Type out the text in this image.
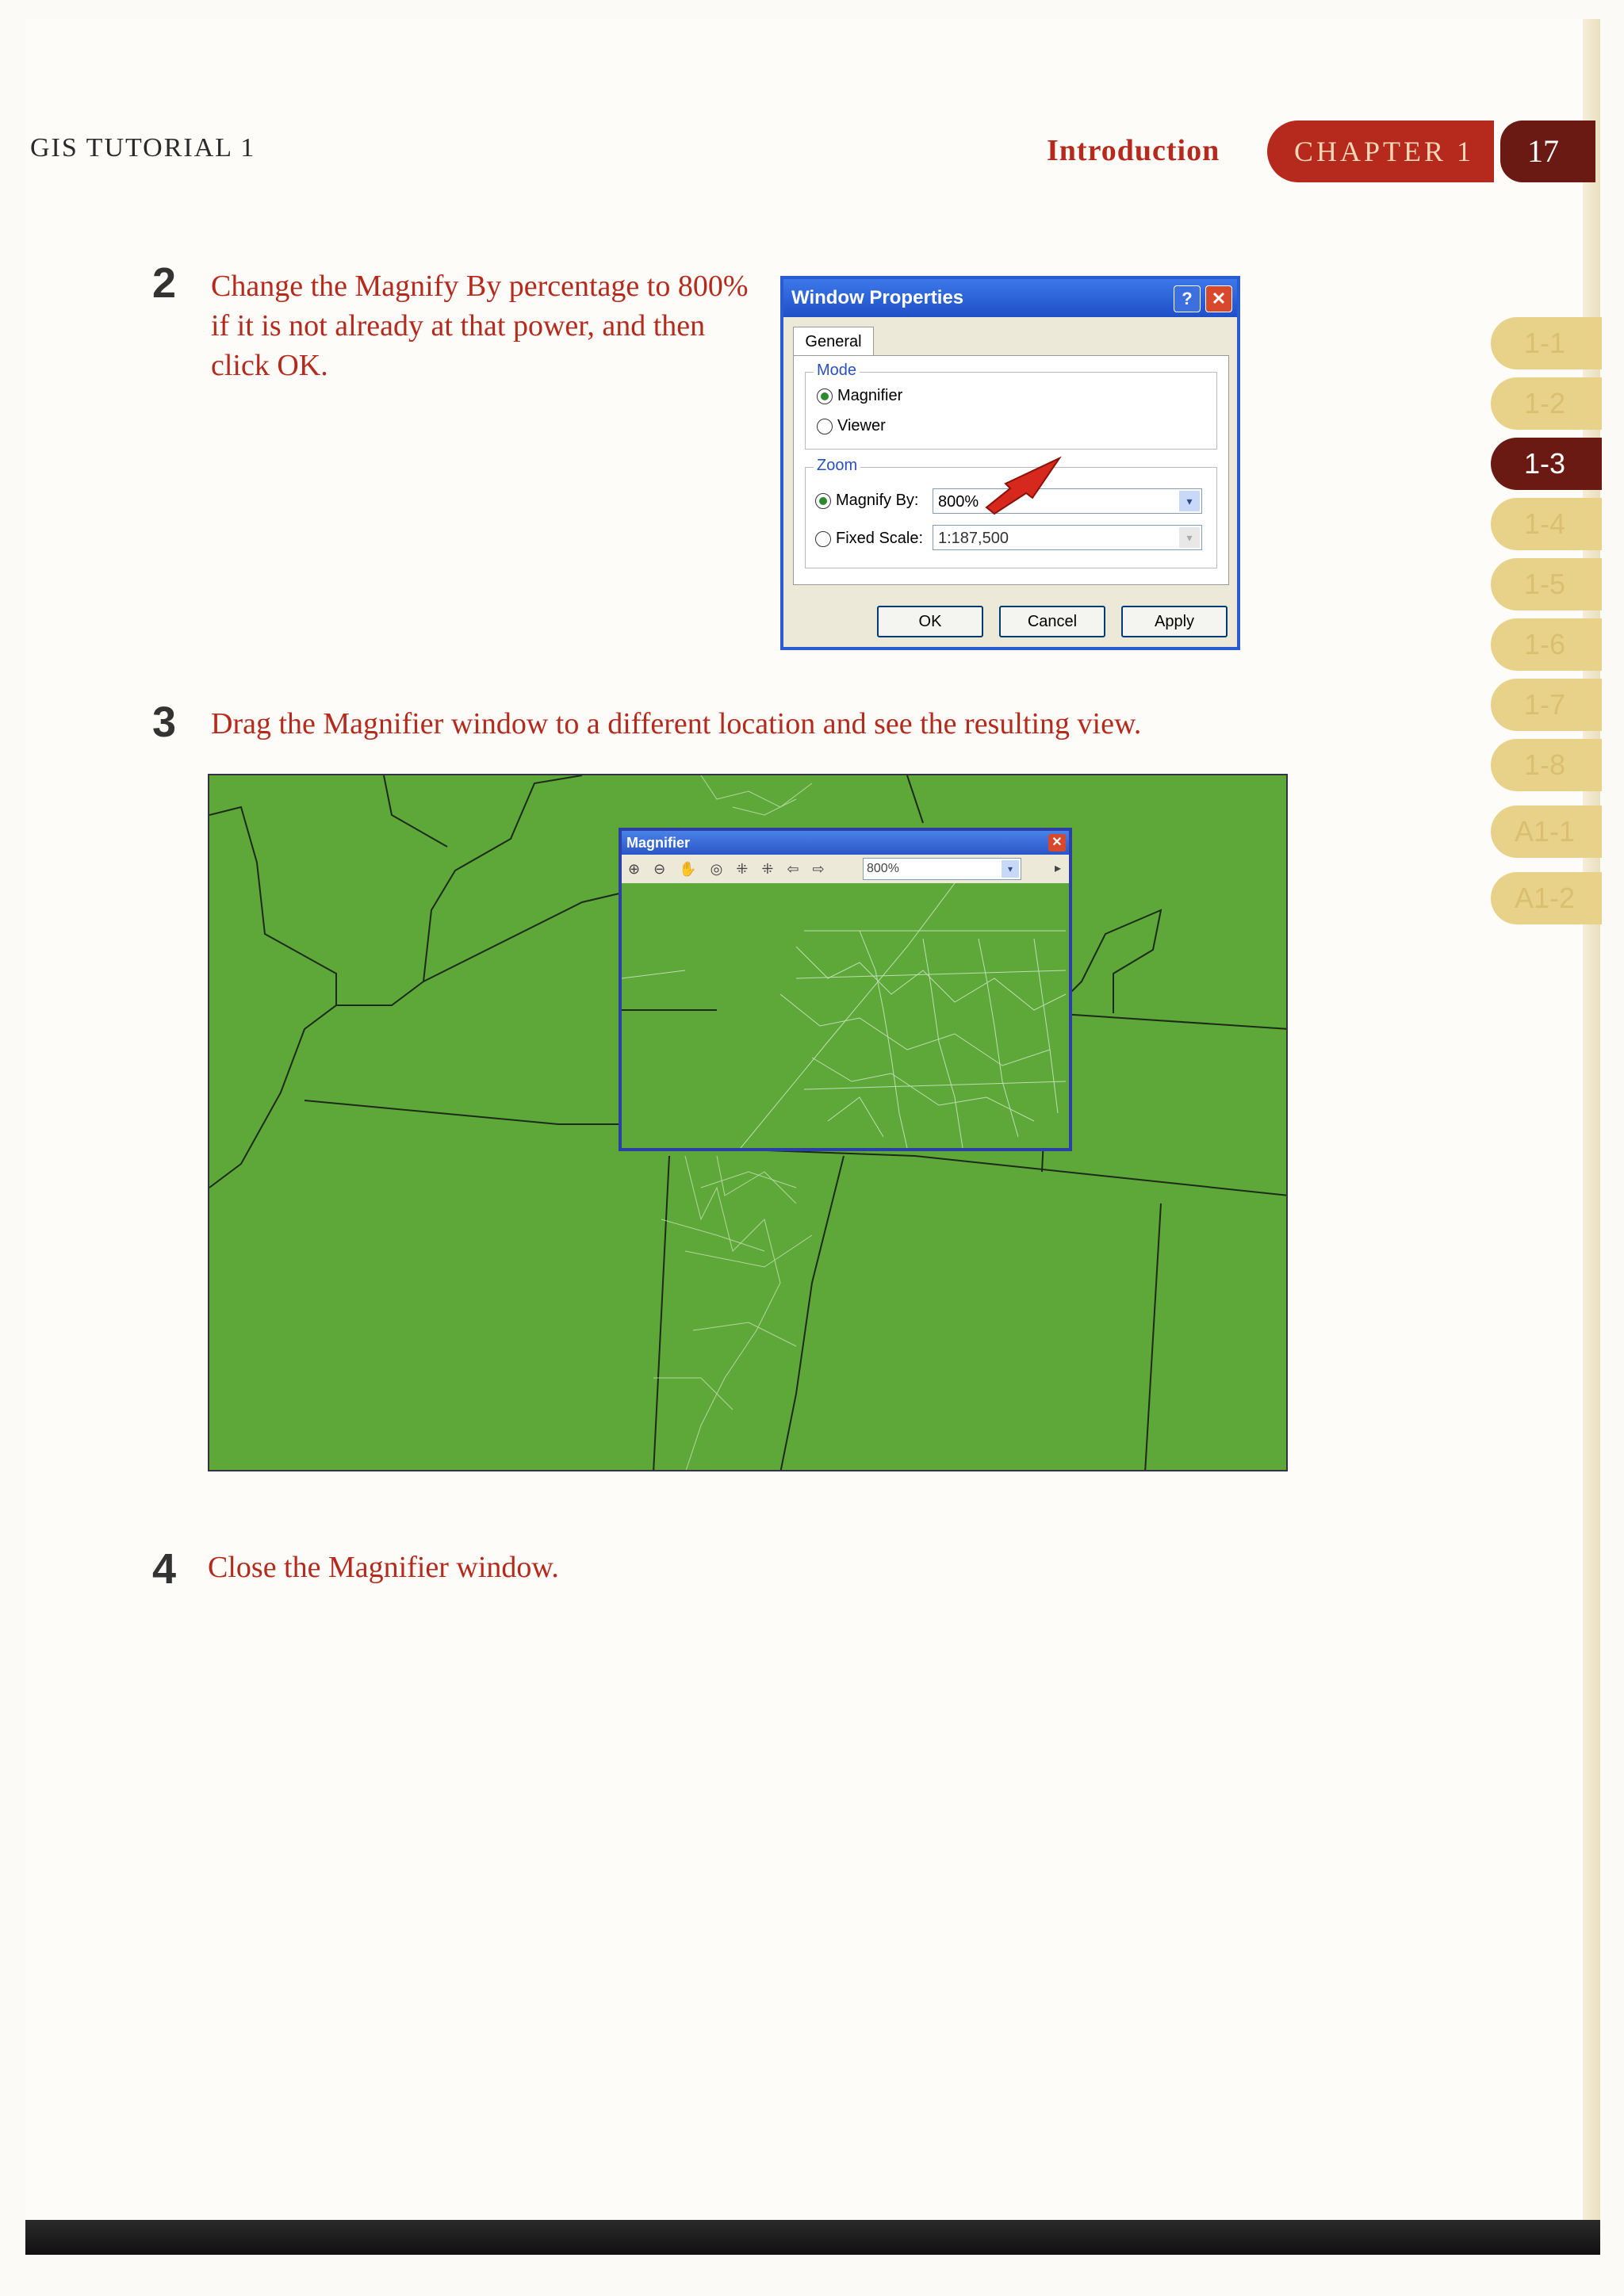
GIS TUTORIAL 1	Introduction	CHAPTER 1	17
1-1
1-2
1-3
1-4
1-5
1-6
1-7
1-8
A1-1
A1-2
2 Change the Magnify By percentage to 800% if it is not already at that power, and then click OK.
Window Properties	?	✕
General
Mode
Magnifier
Viewer
Zoom
Magnify By:	800%	▾
Fixed Scale: 1:187,500	▾
OK	Cancel	Apply
3 Drag the Magnifier window to a different location and see the resulting view.
Magnifier	✕
⊕ ⊖ ✋ ◎ ⁜ ⁜ ⇦ ⇨	800%	▾	▸
4 Close the Magnifier window.
